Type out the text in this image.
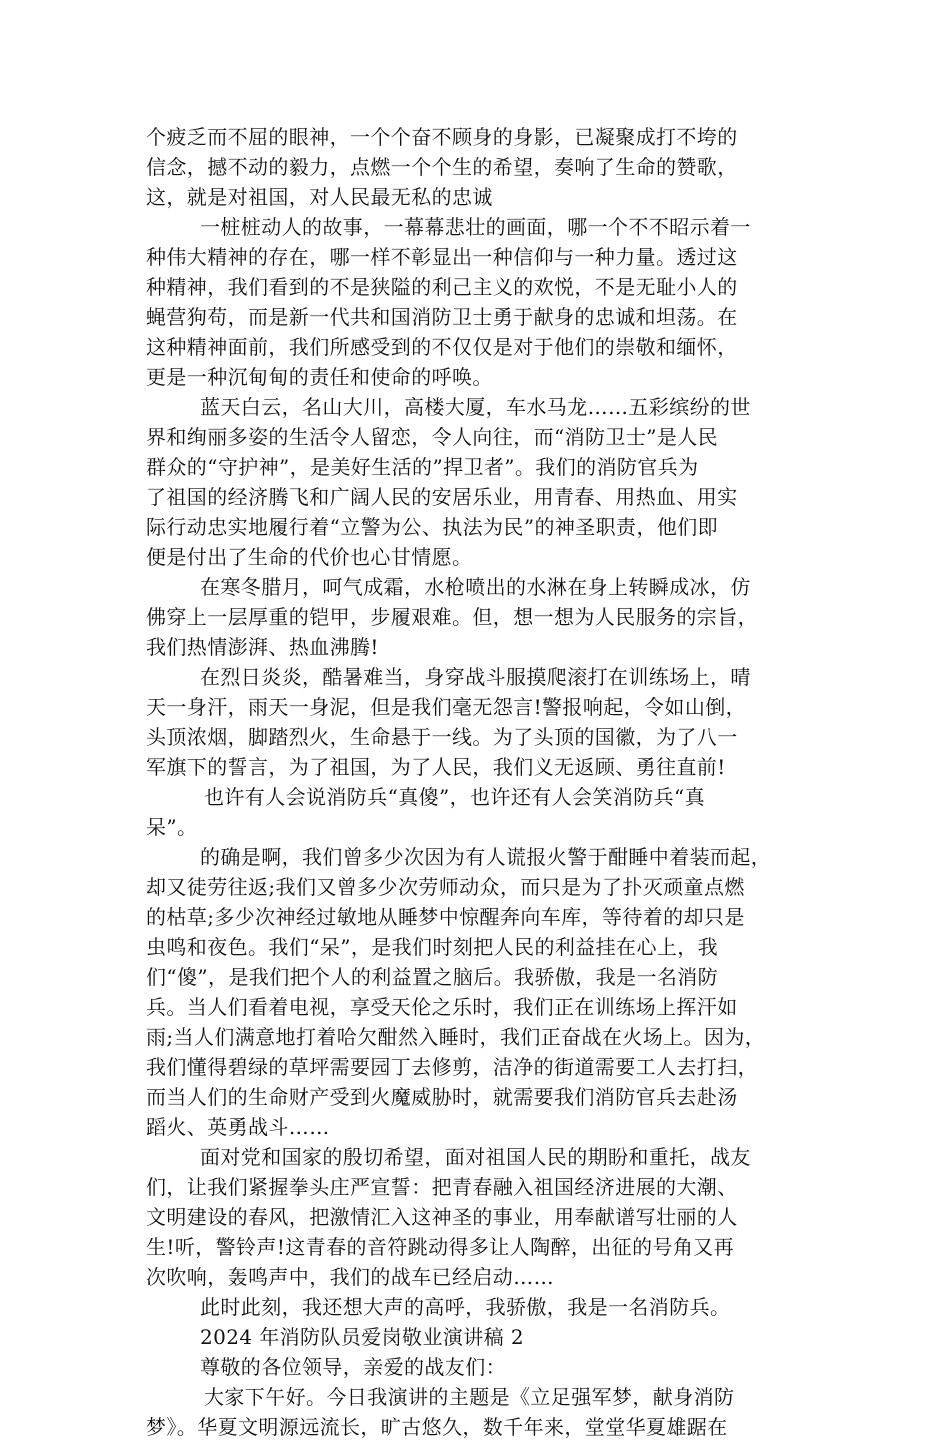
个疲乏而不屈的眼神，一个个奋不顾身的身影，已凝聚成打不垮的
信念，撼不动的毅力，点燃一个个生的希望，奏响了生命的赞歌，
这，就是对祖国，对人民最无私的忠诚
一桩桩动人的故事，一幕幕悲壮的画面，哪一个不不昭示着一
种伟大精神的存在，哪一样不彰显出一种信仰与一种力量。透过这
种精神，我们看到的不是狭隘的利己主义的欢悦，不是无耻小人的
蝇营狗苟，而是新一代共和国消防卫士勇于献身的忠诚和坦荡。在
这种精神面前，我们所感受到的不仅仅是对于他们的崇敬和缅怀，
更是一种沉甸甸的责任和使命的呼唤。
蓝天白云，名山大川，高楼大厦，车水马龙……五彩缤纷的世
界和绚丽多姿的生活令人留恋，令人向往，而“消防卫士”是人民
群众的“守护神”，是美好生活的”捍卫者”。我们的消防官兵为
了祖国的经济腾飞和广阔人民的安居乐业，用青春、用热血、用实
际行动忠实地履行着“立警为公、执法为民”的神圣职责，他们即
便是付出了生命的代价也心甘情愿。
在寒冬腊月，呵气成霜，水枪喷出的水淋在身上转瞬成冰，仿
佛穿上一层厚重的铠甲，步履艰难。但，想一想为人民服务的宗旨，
我们热情澎湃、热血沸腾!
在烈日炎炎，酷暑难当，身穿战斗服摸爬滚打在训练场上，晴
天一身汗，雨天一身泥，但是我们毫无怨言!警报响起，令如山倒，
头顶浓烟，脚踏烈火，生命悬于一线。为了头顶的国徽，为了八一
军旗下的誓言，为了祖国，为了人民，我们义无返顾、勇往直前!
也许有人会说消防兵“真傻”，也许还有人会笑消防兵“真
呆”。
的确是啊，我们曾多少次因为有人谎报火警于酣睡中着装而起，
却又徒劳往返;我们又曾多少次劳师动众，而只是为了扑灭顽童点燃
的枯草;多少次神经过敏地从睡梦中惊醒奔向车库，等待着的却只是
虫鸣和夜色。我们“呆”，是我们时刻把人民的利益挂在心上，我
们“傻”，是我们把个人的利益置之脑后。我骄傲，我是一名消防
兵。当人们看着电视，享受天伦之乐时，我们正在训练场上挥汗如
雨;当人们满意地打着哈欠酣然入睡时，我们正奋战在火场上。因为，
我们懂得碧绿的草坪需要园丁去修剪，洁净的街道需要工人去打扫，
而当人们的生命财产受到火魔威胁时，就需要我们消防官兵去赴汤
蹈火、英勇战斗……
面对党和国家的殷切希望，面对祖国人民的期盼和重托，战友
们，让我们紧握拳头庄严宣誓：把青春融入祖国经济进展的大潮、
文明建设的春风，把激情汇入这神圣的事业，用奉献谱写壮丽的人
生!听，警铃声!这青春的音符跳动得多让人陶醉，出征的号角又再
次吹响，轰鸣声中，我们的战车已经启动……
此时此刻，我还想大声的高呼，我骄傲，我是一名消防兵。
2024 年消防队员爱岗敬业演讲稿 2
尊敬的各位领导，亲爱的战友们：
大家下午好。今日我演讲的主题是《立足强军梦，献身消防
梦》。华夏文明源远流长，旷古悠久，数千年来，堂堂华夏雄踞在
